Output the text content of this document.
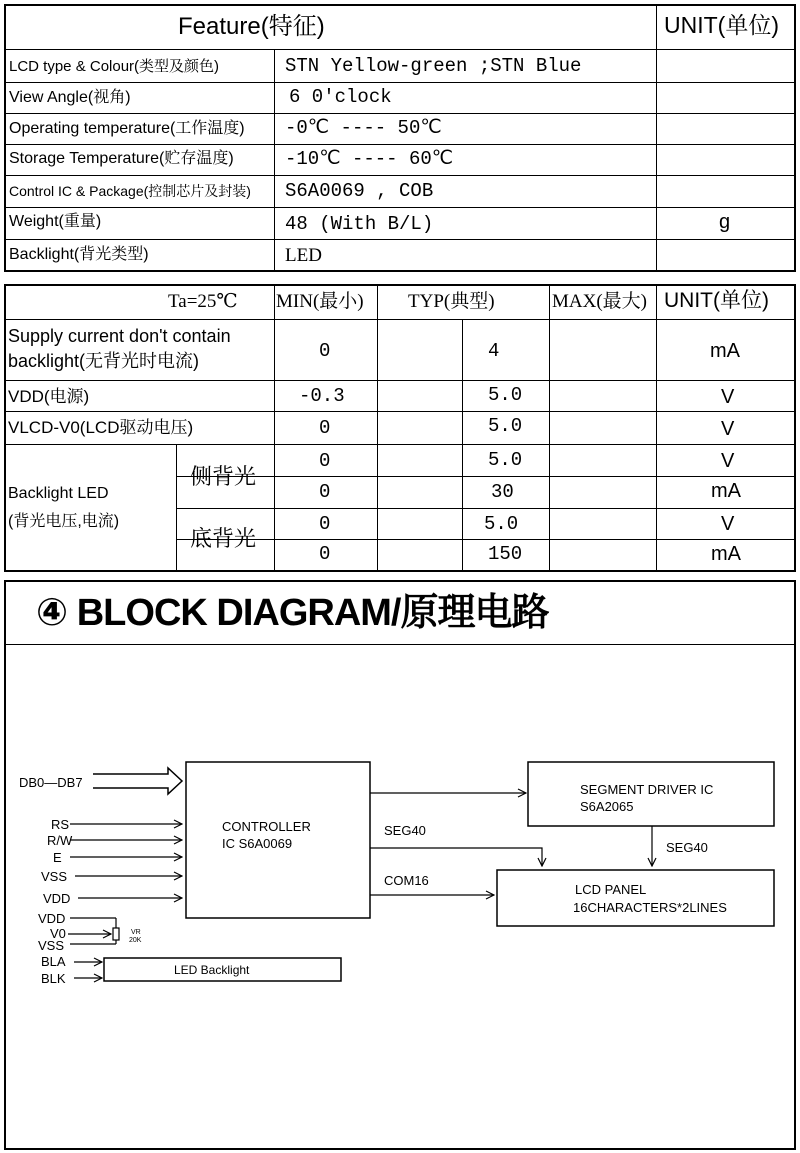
Feature(特征)	UNIT(单位)
LCD type & Colour(类型及颜色)	STN Yellow-green ;STN Blue
View Angle(视角)	6 0'clock
Operating temperature(工作温度) -0℃ ---- 50℃
Storage Temperature(贮存温度)	-10℃ ---- 60℃
Control IC & Package(控制芯片及封装) S6A0069 , COB
Weight(重量)	48 (With B/L)	g
Backlight(背光类型)	LED
Ta=25℃ MIN(最小) TYP(典型)	MAX(最大) UNIT(单位)
Supply current don't contain
backlight(无背光时电流)	0	4	mA
VDD(电源)	-0.3	5.0	V
VLCD-V0(LCD驱动电压)	0	5.0	V
Backlight LED
(背光电压,电流)
侧背光
0	5.0	V
0	30	mA
底背光
0	5.0	V
0	150	mA
④ BLOCK DIAGRAM/原理电路
DB0—DB7
RS
R/W
E
VSS
VDD
CONTROLLER
IC S6A0069
SEGMENT DRIVER IC
S6A2065
SEG40
SEG40
COM16
LCD PANEL
16CHARACTERS*2LINES
VDD
V0
VSS
VR
20K
BLA
BLK
LED Backlight
